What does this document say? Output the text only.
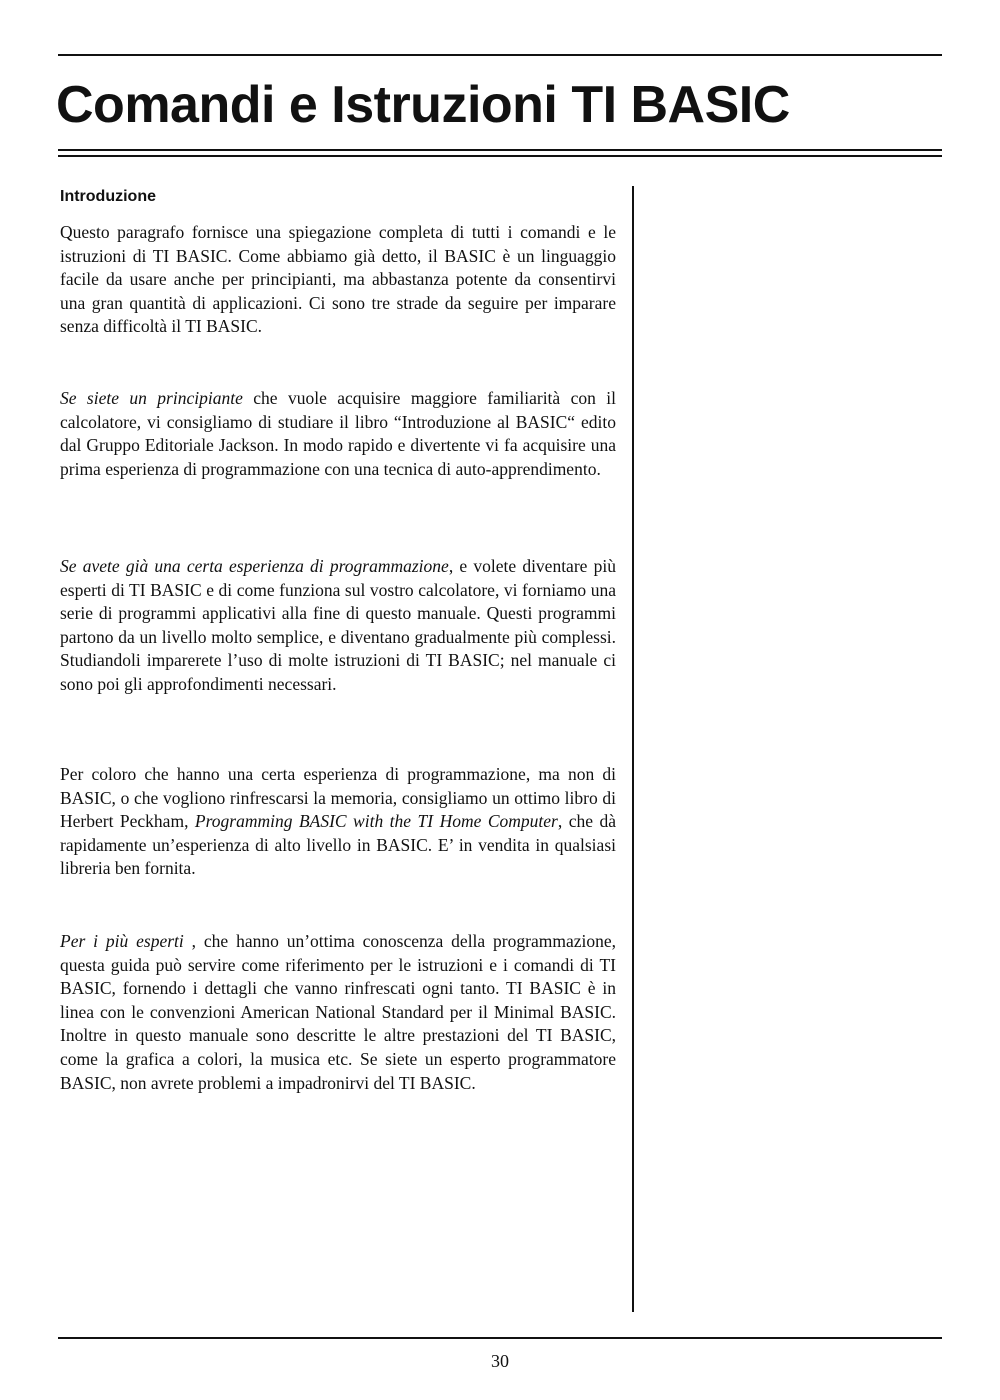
Comandi e Istruzioni TI BASIC
Introduzione

Questo paragrafo fornisce una spiegazione completa di tutti i comandi e le istruzioni di TI BASIC. Come abbiamo già detto, il BASIC è un linguaggio facile da usare anche per principianti, ma abbastanza potente da consentirvi una gran quantità di applicazioni. Ci sono tre strade da seguire per imparare senza difficoltà il TI BASIC.

Se siete un principiante che vuole acquisire maggiore familiarità con il calcolatore, vi consigliamo di studiare il libro “Introduzione al BASIC“ edito dal Gruppo Editoriale Jackson. In modo rapido e divertente vi fa acquisire una prima esperienza di programmazione con una tecnica di auto-apprendimento.

Se avete già una certa esperienza di programmazione, e volete diventare più esperti di TI BASIC e di come funziona sul vostro calcolatore, vi forniamo una serie di programmi applicativi alla fine di questo manuale. Questi programmi partono da un livello molto semplice, e diventano gradualmente più complessi. Studiandoli imparerete l’uso di molte istruzioni di TI BASIC; nel manuale ci sono poi gli approfondimenti necessari.

Per coloro che hanno una certa esperienza di programmazione, ma non di BASIC, o che vogliono rinfrescarsi la memoria, consigliamo un ottimo libro di Herbert Peckham, Programming BASIC with the TI Home Computer, che dà rapidamente un’esperienza di alto livello in BASIC. E’ in vendita in qualsiasi libreria ben fornita.

Per i più esperti , che hanno un’ottima conoscenza della programmazione, questa guida può servire come riferimento per le istruzioni e i comandi di TI BASIC, fornendo i dettagli che vanno rinfrescati ogni tanto. TI BASIC è in linea con le convenzioni American National Standard per il Minimal BASIC. Inoltre in questo manuale sono descritte le altre prestazioni del TI BASIC, come la grafica a colori, la musica etc. Se siete un esperto programmatore BASIC, non avrete problemi a impadronirvi del TI BASIC.

30
